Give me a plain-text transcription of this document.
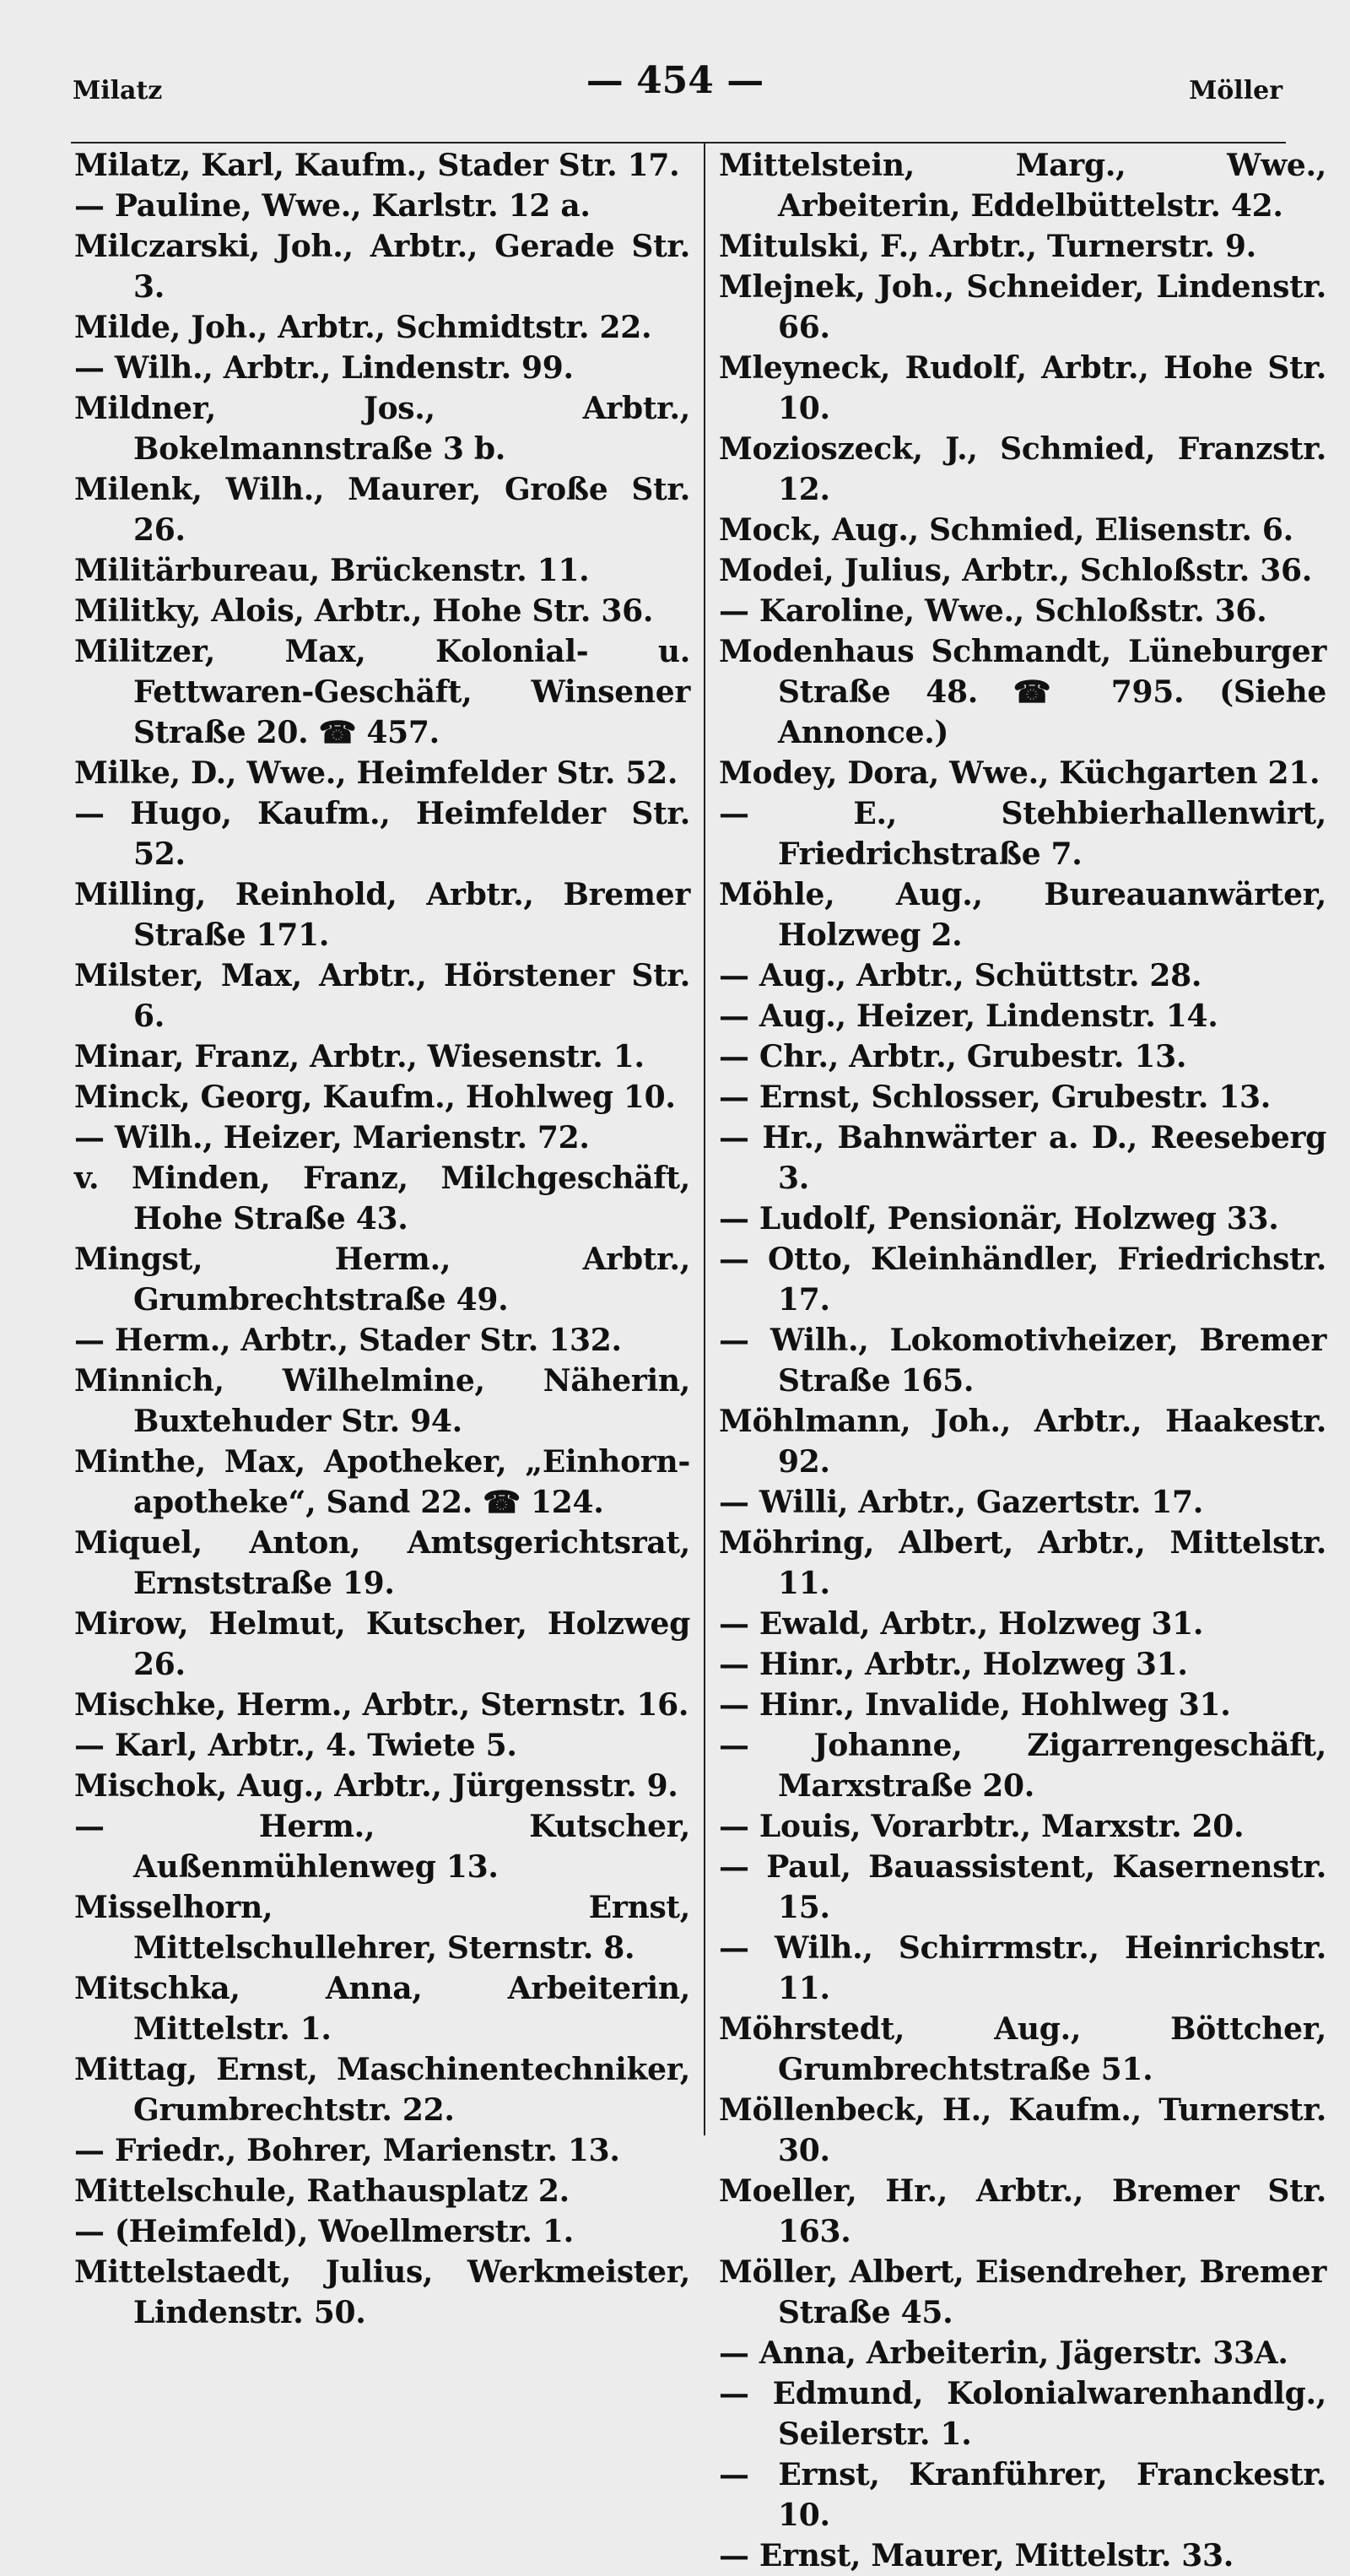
Milatz	— 454 —	Möller

Milatz, Karl, Kaufm., Stader Str. 17.

— Pauline, Wwe., Karlstr. 12 a.

Milczarski, Joh., Arbtr., Gerade Str. 3.

Milde, Joh., Arbtr., Schmidtstr. 22.

— Wilh., Arbtr., Lindenstr. 99.

Mildner, Jos., Arbtr., Bokelmannstraße 3 b.

Milenk, Wilh., Maurer, Große Str. 26.

Militärbureau, Brückenstr. 11.

Militky, Alois, Arbtr., Hohe Str. 36.

Militzer, Max, Kolonial- u. Fettwaren-Geschäft, Winsener Straße 20. ☎ 457.

Milke, D., Wwe., Heimfelder Str. 52.

— Hugo, Kaufm., Heimfelder Str. 52.

Milling, Reinhold, Arbtr., Bremer Straße 171.

Milster, Max, Arbtr., Hörstener Str. 6.

Minar, Franz, Arbtr., Wiesenstr. 1.

Minck, Georg, Kaufm., Hohlweg 10.

— Wilh., Heizer, Marienstr. 72.

v. Minden, Franz, Milchgeschäft, Hohe Straße 43.

Mingst, Herm., Arbtr., Grumbrechtstraße 49.

— Herm., Arbtr., Stader Str. 132.

Minnich, Wilhelmine, Näherin, Buxtehuder Str. 94.

Minthe, Max, Apotheker, „Einhorn-apotheke“, Sand 22. ☎ 124.

Miquel, Anton, Amtsgerichtsrat, Ernststraße 19.

Mirow, Helmut, Kutscher, Holzweg 26.

Mischke, Herm., Arbtr., Sternstr. 16.

— Karl, Arbtr., 4. Twiete 5.

Mischok, Aug., Arbtr., Jürgensstr. 9.

— Herm., Kutscher, Außenmühlenweg 13.

Misselhorn, Ernst, Mittelschullehrer, Sternstr. 8.

Mitschka, Anna, Arbeiterin, Mittelstr. 1.

Mittag, Ernst, Maschinentechniker, Grumbrechtstr. 22.

— Friedr., Bohrer, Marienstr. 13.

Mittelschule, Rathausplatz 2.

— (Heimfeld), Woellmerstr. 1.

Mittelstaedt, Julius, Werkmeister, Lindenstr. 50.

Mittelstein, Marg., Wwe., Arbeiterin, Eddelbüttelstr. 42.

Mitulski, F., Arbtr., Turnerstr. 9.

Mlejnek, Joh., Schneider, Lindenstr. 66.

Mleyneck, Rudolf, Arbtr., Hohe Str. 10.

Mozioszeck, J., Schmied, Franzstr. 12.

Mock, Aug., Schmied, Elisenstr. 6.

Modei, Julius, Arbtr., Schloßstr. 36.

— Karoline, Wwe., Schloßstr. 36.

Modenhaus Schmandt, Lüneburger Straße 48. ☎ 795. (Siehe Annonce.)

Modey, Dora, Wwe., Küchgarten 21.

— E., Stehbierhallenwirt, Friedrichstraße 7.

Möhle, Aug., Bureauanwärter, Holzweg 2.

— Aug., Arbtr., Schüttstr. 28.

— Aug., Heizer, Lindenstr. 14.

— Chr., Arbtr., Grubestr. 13.

— Ernst, Schlosser, Grubestr. 13.

— Hr., Bahnwärter a. D., Reeseberg 3.

— Ludolf, Pensionär, Holzweg 33.

— Otto, Kleinhändler, Friedrichstr. 17.

— Wilh., Lokomotivheizer, Bremer Straße 165.

Möhlmann, Joh., Arbtr., Haakestr. 92.

— Willi, Arbtr., Gazertstr. 17.

Möhring, Albert, Arbtr., Mittelstr. 11.

— Ewald, Arbtr., Holzweg 31.

— Hinr., Arbtr., Holzweg 31.

— Hinr., Invalide, Hohlweg 31.

— Johanne, Zigarrengeschäft, Marxstraße 20.

— Louis, Vorarbtr., Marxstr. 20.

— Paul, Bauassistent, Kasernenstr. 15.

— Wilh., Schirrmstr., Heinrichstr. 11.

Möhrstedt, Aug., Böttcher, Grumbrechtstraße 51.

Möllenbeck, H., Kaufm., Turnerstr. 30.

Moeller, Hr., Arbtr., Bremer Str. 163.

Möller, Albert, Eisendreher, Bremer Straße 45.

— Anna, Arbeiterin, Jägerstr. 33A.

— Edmund, Kolonialwarenhandlg., Seilerstr. 1.

— Ernst, Kranführer, Franckestr. 10.

— Ernst, Maurer, Mittelstr. 33.
